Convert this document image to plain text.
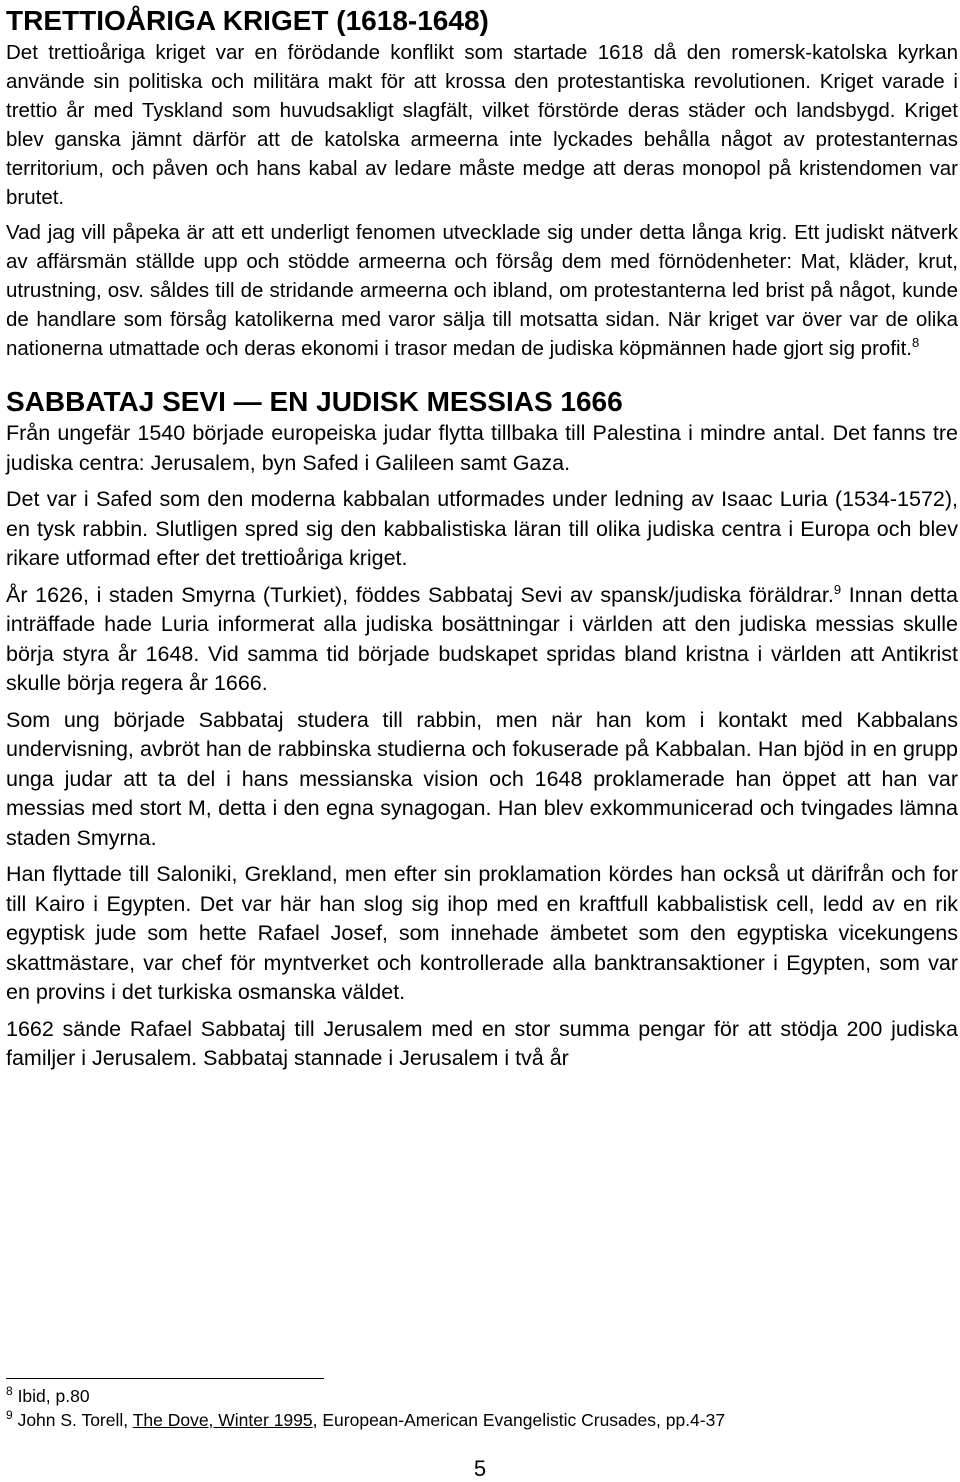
TRETTIOÅRIGA KRIGET (1618-1648)

Det trettioåriga kriget var en förödande konflikt som startade 1618 då den romersk-katolska kyrkan använde sin politiska och militära makt för att krossa den protestantiska revolutionen. Kriget varade i trettio år med Tyskland som huvudsakligt slagfält, vilket förstörde deras städer och landsbygd. Kriget blev ganska jämnt därför att de katolska armeerna inte lyckades behålla något av protestanternas territorium, och påven och hans kabal av ledare måste medge att deras monopol på kristendomen var brutet.

Vad jag vill påpeka är att ett underligt fenomen utvecklade sig under detta långa krig. Ett judiskt nätverk av affärsmän ställde upp och stödde armeerna och försåg dem med förnödenheter: Mat, kläder, krut, utrustning, osv. såldes till de stridande armeerna och ibland, om protestanterna led brist på något, kunde de handlare som försåg katolikerna med varor sälja till motsatta sidan. När kriget var över var de olika nationerna utmattade och deras ekonomi i trasor medan de judiska köpmännen hade gjort sig profit.$^8$

SABBATAJ SEVI — EN JUDISK MESSIAS 1666

Från ungefär 1540 började europeiska judar flytta tillbaka till Palestina i mindre antal. Det fanns tre judiska centra: Jerusalem, byn Safed i Galileen samt Gaza.

Det var i Safed som den moderna kabbalan utformades under ledning av Isaac Luria (1534-1572), en tysk rabbin. Slutligen spred sig den kabbalistiska läran till olika judiska centra i Europa och blev rikare utformad efter det trettioåriga kriget.

År 1626, i staden Smyrna (Turkiet), föddes Sabbataj Sevi av spansk/judiska föräldrar.$^9$ Innan detta inträffade hade Luria informerat alla judiska bosättningar i världen att den judiska messias skulle börja styra år 1648. Vid samma tid började budskapet spridas bland kristna i världen att Antikrist skulle börja regera år 1666.

Som ung började Sabbataj studera till rabbin, men när han kom i kontakt med Kabbalans undervisning, avbröt han de rabbinska studierna och fokuserade på Kabbalan. Han bjöd in en grupp unga judar att ta del i hans messianska vision och 1648 proklamerade han öppet att han var messias med stort M, detta i den egna synagogan. Han blev exkommunicerad och tvingades lämna staden Smyrna.

Han flyttade till Saloniki, Grekland, men efter sin proklamation kördes han också ut därifrån och for till Kairo i Egypten. Det var här han slog sig ihop med en kraftfull kabbalistisk cell, ledd av en rik egyptisk jude som hette Rafael Josef, som innehade ämbetet som den egyptiska vicekungens skattmästare, var chef för myntverket och kontrollerade alla banktransaktioner i Egypten, som var en provins i det turkiska osmanska väldet.

1662 sände Rafael Sabbataj till Jerusalem med en stor summa pengar för att stödja 200 judiska familjer i Jerusalem. Sabbataj stannade i Jerusalem i två år

$^8$ Ibid, p.80
$^9$ John S. Torell, The Dove, Winter 1995, European-American Evangelistic Crusades, pp.4-37
5
